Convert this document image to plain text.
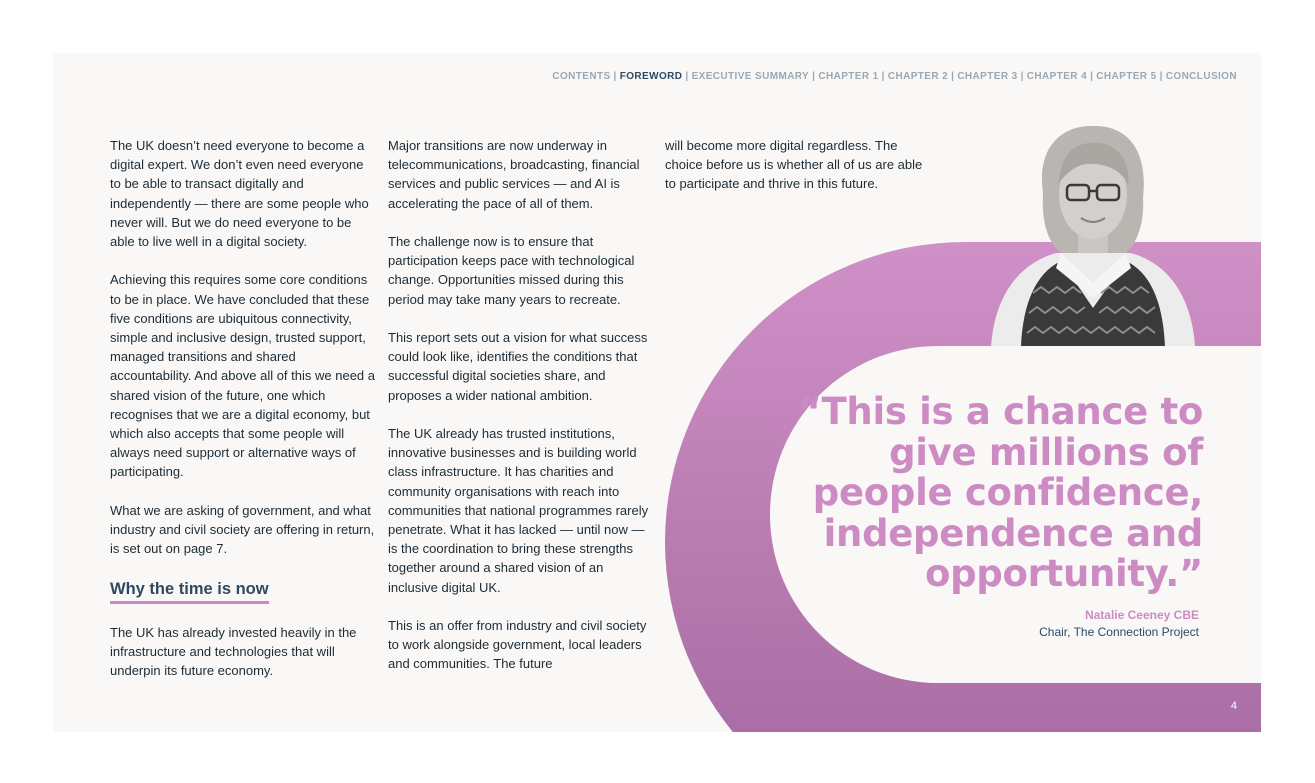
CONTENTS | FOREWORD | EXECUTIVE SUMMARY | CHAPTER 1 | CHAPTER 2 | CHAPTER 3 | CHAPTER 4 | CHAPTER 5 | CONCLUSION

The UK doesn’t need everyone to become a digital expert. We don’t even need everyone to be able to transact digitally and independently — there are some people who never will. But we do need everyone to be able to live well in a digital society.

Achieving this requires some core conditions to be in place. We have concluded that these five conditions are ubiquitous connectivity, simple and inclusive design, trusted support, managed transitions and shared accountability. And above all of this we need a shared vision of the future, one which recognises that we are a digital economy, but which also accepts that some people will always need support or alternative ways of participating.

What we are asking of government, and what industry and civil society are offering in return, is set out on page 7.

Why the time is now

The UK has already invested heavily in the infrastructure and technologies that will underpin its future economy.

Major transitions are now underway in telecommunications, broadcasting, financial services and public services — and AI is accelerating the pace of all of them.

The challenge now is to ensure that participation keeps pace with technological change. Opportunities missed during this period may take many years to recreate.

This report sets out a vision for what success could look like, identifies the conditions that successful digital societies share, and proposes a wider national ambition.

The UK already has trusted institutions, innovative businesses and is building world class infrastructure. It has charities and community organisations with reach into communities that national programmes rarely penetrate. What it has lacked — until now — is the coordination to bring these strengths together around a shared vision of an inclusive digital UK.

This is an offer from industry and civil society to work alongside government, local leaders and communities. The future

will become more digital regardless. The choice before us is whether all of us are able to participate and thrive in this future.

“This is a chance to give millions of people confidence, independence and opportunity.”
Natalie Ceeney CBE
Chair, The Connection Project
4
